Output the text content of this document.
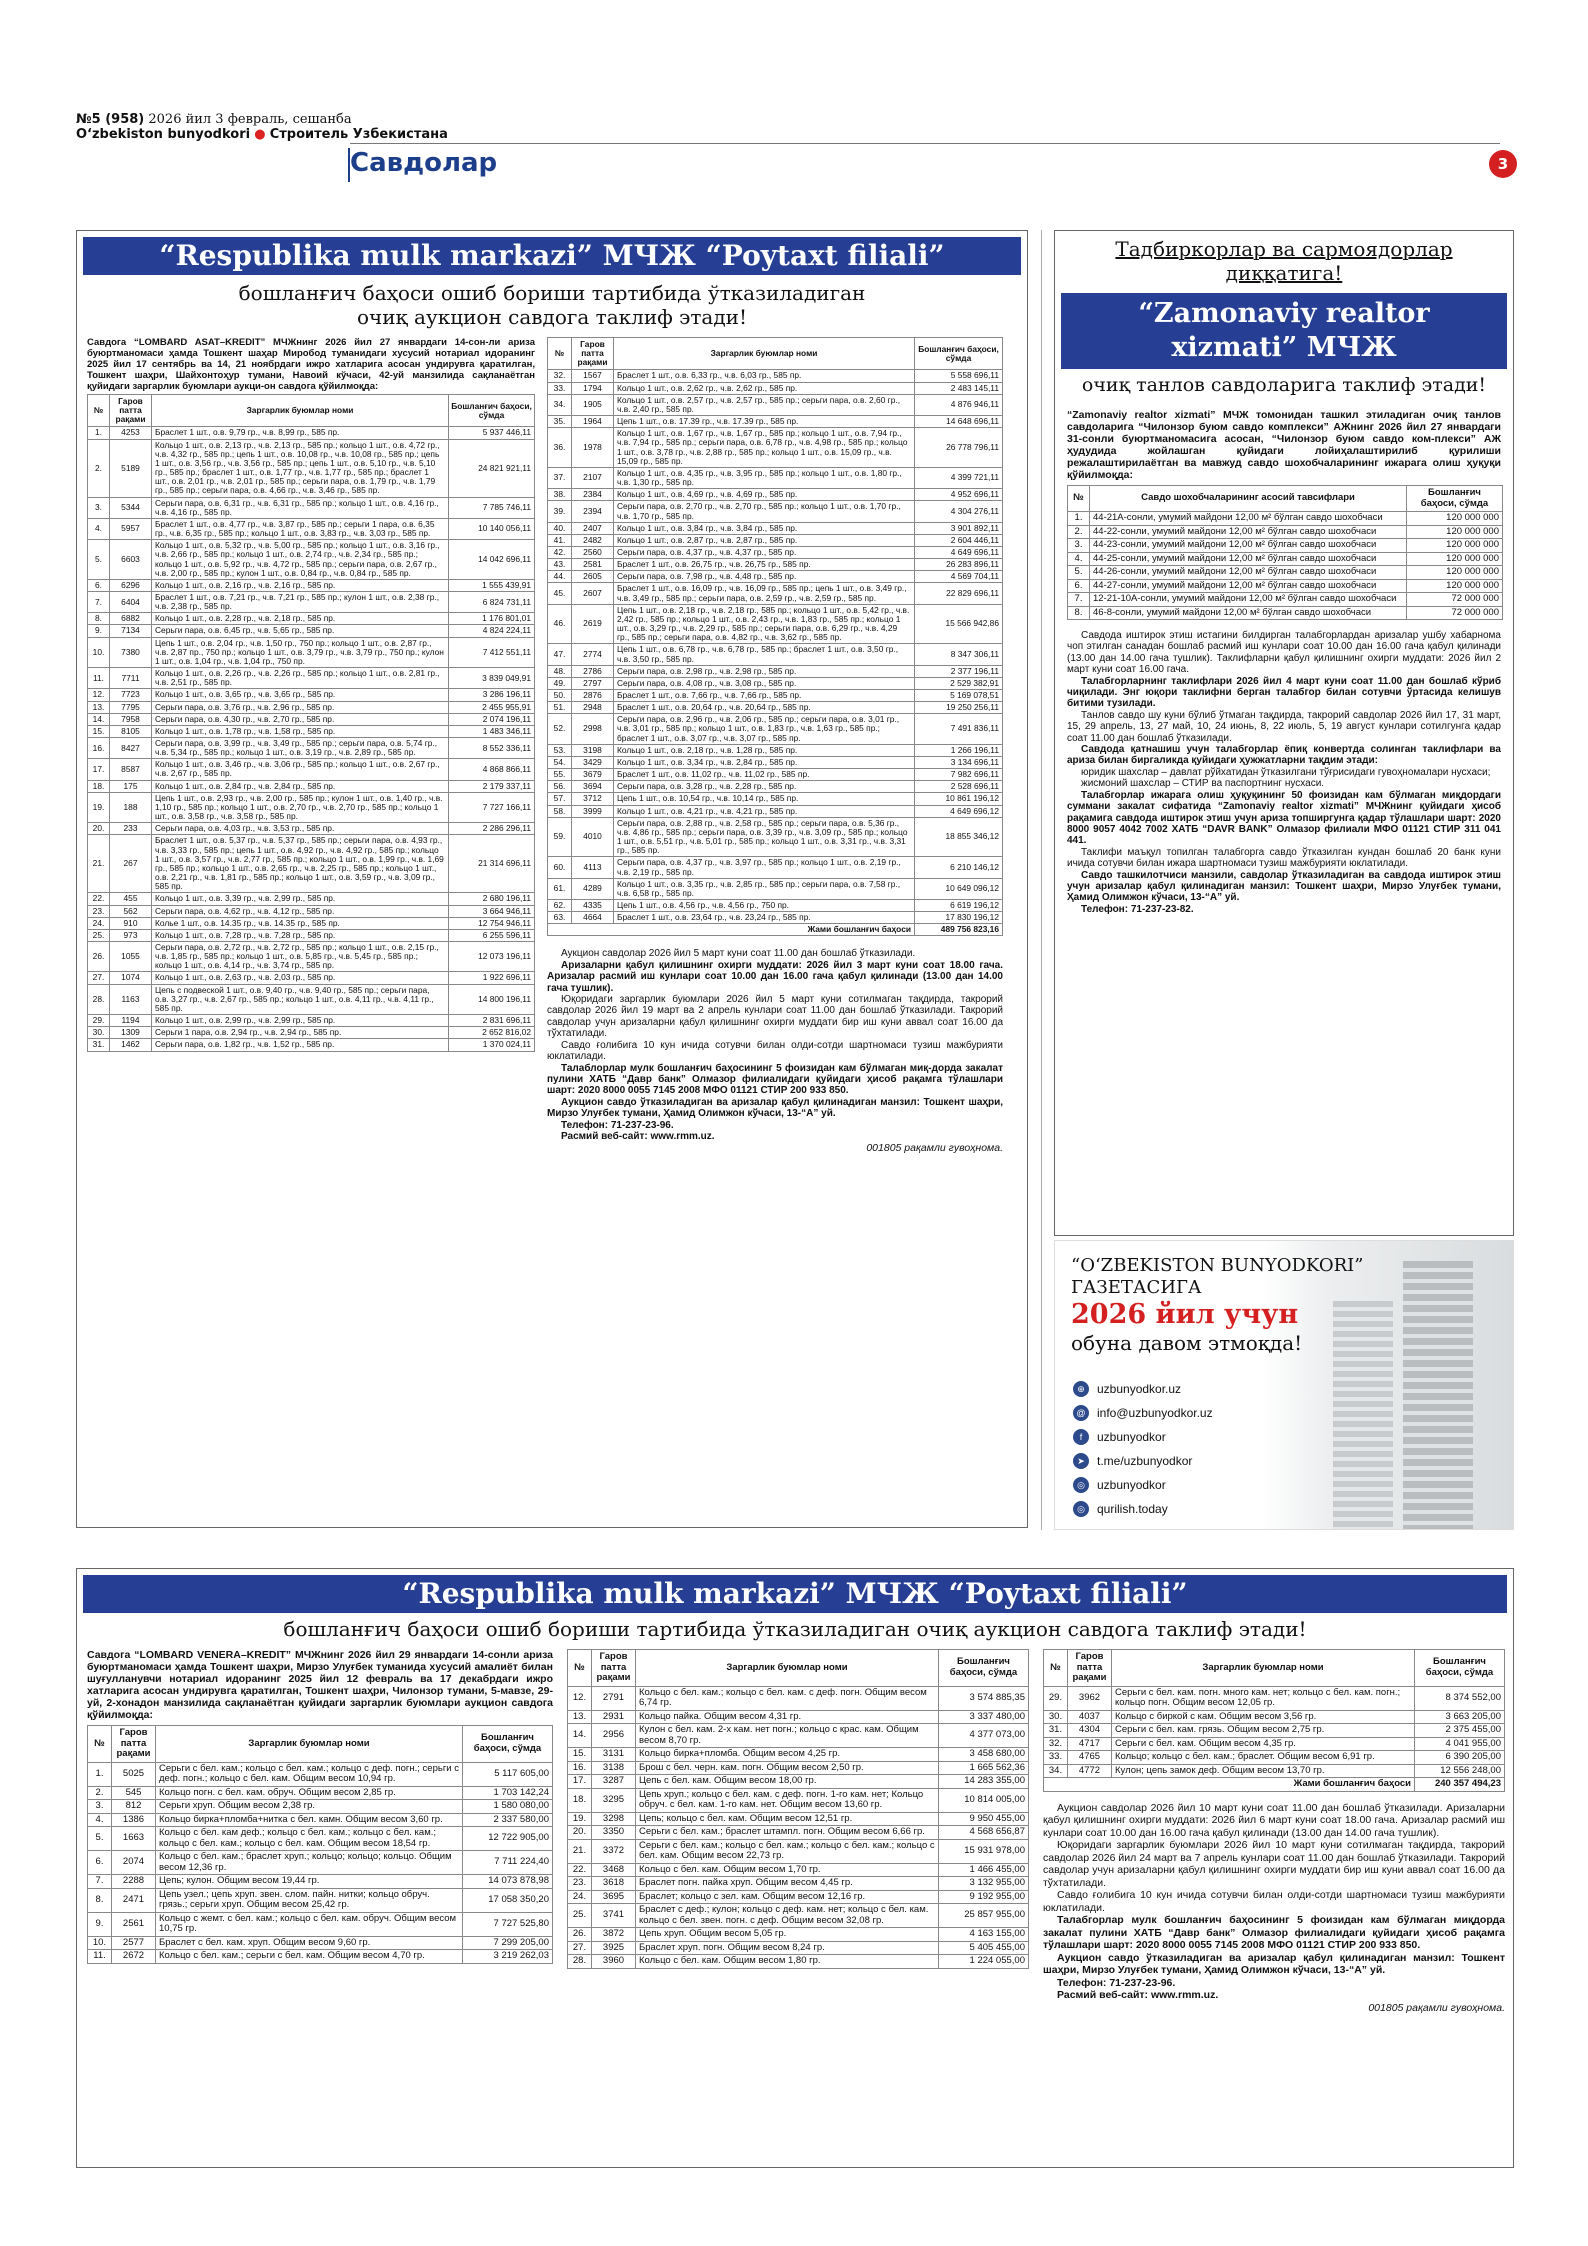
№5 (958) 2026 йил 3 февраль, сешанба
O‘zbekiston bunyodkori ● Строитель Узбекистана
Савдолар	3
“Respublika mulk markazi” МЧЖ “Poytaxt filiali”
бошланғич баҳоси ошиб бориши тартибида ўтказиладиган
очиқ аукцион савдога таклиф этади!
Савдога “LOMBARD ASAT–KREDIT” МЧЖнинг 2026 йил 27 январдаги 14-сон-ли ариза буюртманомаси ҳамда Тошкент шаҳар Миробод туманидаги хусусий нотариал идоранинг 2025 йил 17 сентябрь ва 14, 21 ноябрдаги ижро хатларига асосан ундирувга қаратилган, Тошкент шаҳри, Шайхонтоҳур тумани, Навоий кўчаси, 42-уй манзилида сақланаётган қуйидаги заргарлик буюмлари аукци-он савдога қўйилмоқда:
№	Гаров патта рақами	Заргарлик буюмлар номи	Бошланғич баҳоси, сўмда
1.	4253	Браслет 1 шт., о.в. 9,79 гр., ч.в. 8,99 гр., 585 пр.	5 937 446,11
2.	5189	Кольцо 1 шт., о.в. 2,13 гр., ч.в. 2,13 гр., 585 пр.; кольцо 1 шт., о.в. 4,72 гр., ч.в. 4,32 гр., 585 пр.; цепь 1 шт., о.в. 10,08 гр., ч.в. 10,08 гр., 585 пр.; цепь 1 шт., о.в. 3,56 гр., ч.в. 3,56 гр., 585 пр.; цепь 1 шт., о.в. 5,10 гр., ч.в. 5,10 гр., 585 пр.; браслет 1 шт., о.в. 1,77 гр., ч.в. 1,77 гр., 585 пр.; браслет 1 шт., о.в. 2,01 гр., ч.в. 2,01 гр., 585 пр.; серьги пара, о.в. 1,79 гр., ч.в. 1,79 гр., 585 пр.; серьги пара, о.в. 4,66 гр., ч.в. 3,46 гр., 585 пр.	24 821 921,11
3.	5344	Серьги пара, о.в. 6,31 гр., ч.в. 6,31 гр., 585 пр.; кольцо 1 шт., о.в. 4,16 гр., ч.в. 4,16 гр., 585 пр.	7 785 746,11
4.	5957	Браслет 1 шт., о.в. 4,77 гр., ч.в. 3,87 гр., 585 пр.; серьги 1 пара, о.в. 6,35 гр., ч.в. 6,35 гр., 585 пр.; кольцо 1 шт., о.в. 3,83 гр., ч.в. 3,03 гр., 585 пр.	10 140 056,11
5.	6603	Кольцо 1 шт., о.в. 5,32 гр., ч.в. 5,00 гр., 585 пр.; кольцо 1 шт., о.в. 3,16 гр., ч.в. 2,66 гр., 585 пр.; кольцо 1 шт., о.в. 2,74 гр., ч.в. 2,34 гр., 585 пр.; кольцо 1 шт., о.в. 5,92 гр., ч.в. 4,72 гр., 585 пр.; серьги пара, о.в. 2,67 гр., ч.в. 2,00 гр., 585 пр.; кулон 1 шт., о.в. 0,84 гр., ч.в. 0,84 гр., 585 пр.	14 042 696,11
6.	6296	Кольцо 1 шт., о.в. 2,16 гр., ч.в. 2,16 гр., 585 пр.	1 555 439,91
7.	6404	Браслет 1 шт., о.в. 7,21 гр., ч.в. 7,21 гр., 585 пр.; кулон 1 шт., о.в. 2,38 гр., ч.в. 2,38 гр., 585 пр.	6 824 731,11
8.	6882	Кольцо 1 шт., о.в. 2,28 гр., ч.в. 2,18 гр., 585 пр.	1 176 801,01
9.	7134	Серьги пара, о.в. 6,45 гр., ч.в. 5,65 гр., 585 пр.	4 824 224,11
10.	7380	Цепь 1 шт., о.в. 2,04 гр., ч.в. 1,50 гр., 750 пр.; кольцо 1 шт., о.в. 2,87 гр., ч.в. 2,87 пр., 750 пр.; кольцо 1 шт., о.в. 3,79 гр., ч.в. 3,79 гр., 750 пр.; кулон 1 шт., о.в. 1,04 гр., ч.в. 1,04 гр., 750 пр.	7 412 551,11
11.	7711	Кольцо 1 шт., о.в. 2,26 гр., ч.в. 2,26 гр., 585 пр.; кольцо 1 шт., о.в. 2,81 гр., ч.в. 2,51 гр., 585 пр.	3 839 049,91
12.	7723	Кольцо 1 шт., о.в. 3,65 гр., ч.в. 3,65 гр., 585 пр.	3 286 196,11
13.	7795	Серьги пара, о.в. 3,76 гр., ч.в. 2,96 гр., 585 пр.	2 455 955,91
14.	7958	Серьги пара, о.в. 4,30 гр., ч.в. 2,70 гр., 585 пр.	2 074 196,11
15.	8105	Кольцо 1 шт., о.в. 1,78 гр., ч.в. 1,58 гр., 585 пр.	1 483 346,11
16.	8427	Серьги пара, о.в. 3,99 гр., ч.в. 3,49 гр., 585 пр.; серьги пара, о.в. 5,74 гр., ч.в. 5,34 гр., 585 пр.; кольцо 1 шт., о.в. 3,19 гр., ч.в. 2,89 гр., 585 пр.	8 552 336,11
17.	8587	Кольцо 1 шт., о.в. 3,46 гр., ч.в. 3,06 гр., 585 пр.; кольцо 1 шт., о.в. 2,67 гр., ч.в. 2,67 гр., 585 пр.	4 868 866,11
18.	175	Кольцо 1 шт., о.в. 2,84 гр., ч.в. 2,84 гр., 585 пр.	2 179 337,11
19.	188	Цепь 1 шт., о.в. 2,93 гр., ч.в. 2,00 гр., 585 пр.; кулон 1 шт., о.в. 1,40 гр., ч.в. 1,10 гр., 585 пр.; кольцо 1 шт., о.в. 2,70 гр., ч.в. 2,70 гр., 585 пр.; кольцо 1 шт., о.в. 3,58 гр., ч.в. 3,58 гр., 585 пр.	7 727 166,11
20.	233	Серьги пара, о.в. 4,03 гр., ч.в. 3,53 гр., 585 пр.	2 286 296,11
21.	267	Браслет 1 шт., о.в. 5,37 гр., ч.в. 5,37 гр., 585 пр.; серьги пара, о.в. 4,93 гр., ч.в. 3,33 гр., 585 пр.; цепь 1 шт., о.в. 4,92 гр., ч.в. 4,92 гр., 585 пр.; кольцо 1 шт., о.в. 3,57 гр., ч.в. 2,77 гр., 585 пр.; кольцо 1 шт., о.в. 1,99 гр., ч.в. 1,69 гр., 585 пр.; кольцо 1 шт., о.в. 2,65 гр., ч.в. 2,25 гр., 585 пр.; кольцо 1 шт., о.в. 2,21 гр., ч.в. 1,81 гр., 585 пр.; кольцо 1 шт., о.в. 3,59 гр., ч.в. 3,09 гр., 585 пр.	21 314 696,11
22.	455	Кольцо 1 шт., о.в. 3,39 гр., ч.в. 2,99 гр., 585 пр.	2 680 196,11
23.	562	Серьги пара, о.в. 4,62 гр., ч.в. 4,12 гр., 585 пр.	3 664 946,11
24.	910	Колье 1 шт., о.в. 14.35 гр., ч.в. 14.35 гр., 585 пр.	12 754 946,11
25.	973	Кольцо 1 шт., о.в. 7,28 гр., ч.в. 7,28 гр., 585 пр.	6 255 596,11
26.	1055	Серьги пара, о.в. 2,72 гр., ч.в. 2,72 гр., 585 пр.; кольцо 1 шт., о.в. 2,15 гр., ч.в. 1,85 гр., 585 пр.; кольцо 1 шт., о.в. 5,85 гр., ч.в. 5,45 гр., 585 пр.; кольцо 1 шт., о.в. 4,14 гр., ч.в. 3,74 гр., 585 пр.	12 073 196,11
27.	1074	Кольцо 1 шт., о.в. 2,63 гр., ч.в. 2,03 гр., 585 пр.	1 922 696,11
28.	1163	Цепь с подвеской 1 шт., о.в. 9,40 гр., ч.в. 9,40 гр., 585 пр.; серьги пара, о.в. 3,27 гр., ч.в. 2,67 гр., 585 пр.; кольцо 1 шт., о.в. 4,11 гр., ч.в. 4,11 гр., 585 пр.	14 800 196,11
29.	1194	Кольцо 1 шт., о.в. 2,99 гр., ч.в. 2,99 гр., 585 пр.	2 831 696,11
30.	1309	Серьги 1 пара, о.в. 2,94 гр., ч.в. 2,94 гр., 585 пр.	2 652 816,02
31.	1462	Серьги пара, о.в. 1,82 гр., ч.в. 1,52 гр., 585 пр.	1 370 024,11
№	Гаров патта рақами	Заргарлик буюмлар номи	Бошланғич баҳоси, сўмда
32.	1567	Браслет 1 шт., о.в. 6,33 гр., ч.в. 6,03 гр., 585 пр.	5 558 696,11
33.	1794	Кольцо 1 шт., о.в. 2,62 гр., ч.в. 2,62 гр., 585 пр.	2 483 145,11
34.	1905	Кольцо 1 шт., о.в. 2,57 гр., ч.в. 2,57 гр., 585 пр.; серьги пара, о.в. 2,60 гр., ч.в. 2,40 гр., 585 пр.	4 876 946,11
35.	1964	Цепь 1 шт., о.в. 17.39 гр., ч.в. 17.39 гр., 585 пр.	14 648 696,11
36.	1978	Кольцо 1 шт., о.в. 1,67 гр., ч.в. 1,67 гр., 585 пр.; кольцо 1 шт., о.в. 7,94 гр., ч.в. 7,94 гр., 585 пр.; серьги пара, о.в. 6,78 гр., ч.в. 4,98 гр., 585 пр.; кольцо 1 шт., о.в. 3,78 гр., ч.в. 2,88 гр., 585 пр.; кольцо 1 шт., о.в. 15,09 гр., ч.в. 15,09 гр., 585 пр.	26 778 796,11
37.	2107	Кольцо 1 шт., о.в. 4,35 гр., ч.в. 3,95 гр., 585 пр.; кольцо 1 шт., о.в. 1,80 гр., ч.в. 1,30 гр., 585 пр.	4 399 721,11
38.	2384	Кольцо 1 шт., о.в. 4,69 гр., ч.в. 4,69 гр., 585 пр.	4 952 696,11
39.	2394	Серьги пара, о.в. 2,70 гр., ч.в. 2,70 гр., 585 пр.; кольцо 1 шт., о.в. 1,70 гр., ч.в. 1,70 гр., 585 пр.	4 304 276,11
40.	2407	Кольцо 1 шт., о.в. 3,84 гр., ч.в. 3,84 гр., 585 пр.	3 901 892,11
41.	2482	Кольцо 1 шт., о.в. 2,87 гр., ч.в. 2,87 гр., 585 пр.	2 604 446,11
42.	2560	Серьги пара, о.в. 4,37 гр., ч.в. 4,37 гр., 585 пр.	4 649 696,11
43.	2581	Браслет 1 шт., о.в. 26,75 гр., ч.в. 26,75 гр., 585 пр.	26 283 896,11
44.	2605	Серьги пара, о.в. 7,98 гр., ч.в. 4,48 гр., 585 пр.	4 569 704,11
45.	2607	Браслет 1 шт., о.в. 16,09 гр., ч.в. 16,09 гр., 585 пр.; цепь 1 шт., о.в. 3,49 гр., ч.в. 3,49 гр., 585 пр.; серьги пара, о.в. 2,59 гр., ч.в. 2,59 гр., 585 пр.	22 829 696,11
46.	2619	Цепь 1 шт., о.в. 2,18 гр., ч.в. 2,18 гр., 585 пр.; кольцо 1 шт., о.в. 5,42 гр., ч.в. 2,42 гр., 585 пр.; кольцо 1 шт., о.в. 2,43 гр., ч.в. 1,83 гр., 585 пр.; кольцо 1 шт., о.в. 3,29 гр., ч.в. 2,29 гр., 585 пр.; серьги пара, о.в. 6,29 гр., ч.в. 4,29 гр., 585 пр.; серьги пара, о.в. 4,82 гр., ч.в. 3,62 гр., 585 пр.	15 566 942,86
47.	2774	Цепь 1 шт., о.в. 6,78 гр., ч.в. 6,78 гр., 585 пр.; браслет 1 шт., о.в. 3,50 гр., ч.в. 3,50 гр., 585 пр.	8 347 306,11
48.	2786	Серьги пара, о.в. 2,98 гр., ч.в. 2,98 гр., 585 пр.	2 377 196,11
49.	2797	Серьги пара, о.в. 4,08 гр., ч.в. 3,08 гр., 585 пр.	2 529 382,91
50.	2876	Браслет 1 шт., о.в. 7,66 гр., ч.в. 7,66 гр., 585 пр.	5 169 078,51
51.	2948	Браслет 1 шт., о.в. 20,64 гр., ч.в. 20,64 гр., 585 пр.	19 250 256,11
52.	2998	Серьги пара, о.в. 2,96 гр., ч.в. 2,06 гр., 585 пр.; серьги пара, о.в. 3,01 гр., ч.в. 3,01 гр., 585 пр.; кольцо 1 шт., о.в. 1,83 гр., ч.в. 1,63 гр., 585 пр.; браслет 1 шт., о.в. 3,07 гр., ч.в. 3,07 гр., 585 пр.	7 491 836,11
53.	3198	Кольцо 1 шт., о.в. 2,18 гр., ч.в. 1,28 гр., 585 пр.	1 266 196,11
54.	3429	Кольцо 1 шт., о.в. 3,34 гр., ч.в. 2,84 гр., 585 пр.	3 134 696,11
55.	3679	Браслет 1 шт., о.в. 11,02 гр., ч.в. 11,02 гр., 585 пр.	7 982 696,11
56.	3694	Серьги пара, о.в. 3,28 гр., ч.в. 2,28 гр., 585 пр.	2 528 696,11
57.	3712	Цепь 1 шт., о.в. 10,54 гр., ч.в. 10,14 гр., 585 пр.	10 861 196,12
58.	3999	Кольцо 1 шт., о.в. 4,21 гр., ч.в. 4,21 гр., 585 пр.	4 649 696,12
59.	4010	Серьги пара, о.в. 2,88 гр., ч.в. 2,58 гр., 585 пр.; серьги пара, о.в. 5,36 гр., ч.в. 4,86 гр., 585 пр.; серьги пара, о.в. 3,39 гр., ч.в. 3,09 гр., 585 пр.; кольцо 1 шт., о.в. 5,51 гр., ч.в. 5,01 гр., 585 пр.; кольцо 1 шт., о.в. 3,31 гр., ч.в. 3,31 гр., 585 пр.	18 855 346,12
60.	4113	Серьги пара, о.в. 4,37 гр., ч.в. 3,97 гр., 585 пр.; кольцо 1 шт., о.в. 2,19 гр., ч.в. 2,19 гр., 585 пр.	6 210 146,12
61.	4289	Кольцо 1 шт., о.в. 3,35 гр., ч.в. 2,85 гр., 585 пр.; серьги пара, о.в. 7,58 гр., ч.в. 6,58 гр., 585 пр.	10 649 096,12
62.	4335	Цепь 1 шт., о.в. 4,56 гр., ч.в. 4,56 гр., 750 пр.	6 619 196,12
63.	4664	Браслет 1 шт., о.в. 23,64 гр., ч.в. 23,24 гр., 585 пр.	17 830 196,12
Жами бошланғич баҳоси			489 756 823,16

Аукцион савдолар 2026 йил 5 март куни соат 11.00 дан бошлаб ўтказилади.

Аризаларни қабул қилишнинг охирги муддати: 2026 йил 3 март куни соат 18.00 гача. Аризалар расмий иш кунлари соат 10.00 дан 16.00 гача қабул қилинади (13.00 дан 14.00 гача тушлик).

Юқоридаги заргарлик буюмлари 2026 йил 5 март куни сотилмаган тақдирда, такрорий савдолар 2026 йил 19 март ва 2 апрель кунлари соат 11.00 дан бошлаб ўтказилади. Такрорий савдолар учун аризаларни қабул қилишнинг охирги муддати бир иш куни аввал соат 16.00 да тўхтатилади.

Савдо ғолибига 10 кун ичида сотувчи билан олди-сотди шартномаси тузиш мажбурияти юклатилади.

Талаблорлар мулк бошланғич баҳосининг 5 фоизидан кам бўлмаган миқ-дорда закалат пулини ХАТБ “Давр банк” Олмазор филиалидаги қуйидаги ҳисоб рақамга тўлашлари шарт: 2020 8000 0055 7145 2008 МФО 01121 СТИР 200 933 850.

Аукцион савдо ўтказиладиган ва аризалар қабул қилинадиган манзил: Тошкент шаҳри, Мирзо Улуғбек тумани, Ҳамид Олимжон кўчаси, 13-“А” уй.

Телефон: 71-237-23-96.

Расмий веб-сайт: www.rmm.uz.

001805 рақамли гувоҳнома.
Тадбиркорлар ва сармоядорлар диққатига!
“Zamonaviy realtor
xizmati” МЧЖ
очиқ танлов савдоларига таклиф этади!
“Zamonaviy realtor xizmati” МЧЖ томонидан ташкил этиладиган очиқ танлов савдоларига “Чилонзор буюм савдо комплекси” АЖнинг 2026 йил 27 январдаги 31-сонли буюртманомасига асосан, “Чилонзор буюм савдо ком-плекси” АЖ ҳудудида жойлашган қуйидаги лойиҳалаштирилиб қурилиши режалаштирилаётган ва мавжуд савдо шохобчаларининг ижарага олиш ҳуқуқи қўйилмоқда:
№	Савдо шохобчаларининг асосий тавсифлари	Бошланғич баҳоси, сўмда
1.	44-21А-сонли, умумий майдони 12,00 м² бўлган савдо шохобчаси	120 000 000
2.	44-22-сонли, умумий майдони 12,00 м² бўлган савдо шохобчаси	120 000 000
3.	44-23-сонли, умумий майдони 12,00 м² бўлган савдо шохобчаси	120 000 000
4.	44-25-сонли, умумий майдони 12,00 м² бўлган савдо шохобчаси	120 000 000
5.	44-26-сонли, умумий майдони 12,00 м² бўлган савдо шохобчаси	120 000 000
6.	44-27-сонли, умумий майдони 12,00 м² бўлган савдо шохобчаси	120 000 000
7.	12-21-10А-сонли, умумий майдони 12,00 м² бўлган савдо шохобчаси	72 000 000
8.	46-8-сонли, умумий майдони 12,00 м² бўлган савдо шохобчаси	72 000 000

Савдода иштирок этиш истагини билдирган талабгорлардан аризалар ушбу хабарнома чоп этилган санадан бошлаб расмий иш кунлари соат 10.00 дан 16.00 гача қабул қилинади (13.00 дан 14.00 гача тушлик). Таклифларни қабул қилишнинг охирги муддати: 2026 йил 2 март куни соат 16.00 гача.

Талабгорларнинг таклифлари 2026 йил 4 март куни соат 11.00 дан бошлаб кўриб чиқилади. Энг юқори таклифни берган талабгор билан сотувчи ўртасида келишув битими тузилади.

Танлов савдо шу куни бўлиб ўтмаган тақдирда, такрорий савдолар 2026 йил 17, 31 март, 15, 29 апрель, 13, 27 май, 10, 24 июнь, 8, 22 июль, 5, 19 август кунлари сотилгунга қадар соат 11.00 дан бошлаб ўтказилади.

Савдода қатнашиш учун талабгорлар ёпиқ конвертда солинган таклифлари ва ариза билан биргаликда қуйидаги ҳужжатларни тақдим этади:

юридик шахслар – давлат рўйхатидан ўтказилгани тўғрисидаги гувоҳномалари нусхаси;

жисмоний шахслар – СТИР ва паспортнинг нусхаси.

Талабгорлар ижарага олиш ҳуқуқининг 50 фоизидан кам бўлмаган миқдордаги суммани закалат сифатида “Zamonaviy realtor xizmati” МЧЖнинг қуйидаги ҳисоб рақамига савдода иштирок этиш учун ариза топширгунга қадар тўлашлари шарт: 2020 8000 9057 4042 7002 ХАТБ “DAVR BANK” Олмазор филиали МФО 01121 СТИР 311 041 441.

Таклифи маъқул топилган талабгорга савдо ўтказилган кундан бошлаб 20 банк куни ичида сотувчи билан ижара шартномаси тузиш мажбурияти юклатилади.

Савдо ташкилотчиси манзили, савдолар ўтказиладиган ва савдода иштирок этиш учун аризалар қабул қилинадиган манзил: Тошкент шаҳри, Мирзо Улуғбек тумани, Ҳамид Олимжон кўчаси, 13-“А” уй.

Телефон: 71-237-23-82.

“O‘ZBEKISTON BUNYODKORI”
ГАЗЕТАСИГА
2026 йил учун
обуна давом этмоқда!
⊕	uzbunyodkor.uz
@ info@uzbunyodkor.uz
f	uzbunyodkor
➤	t.me/uzbunyodkor
◎	uzbunyodkor
◎	qurilish.today
“Respublika mulk markazi” МЧЖ “Poytaxt filiali”
бошланғич баҳоси ошиб бориши тартибида ўтказиладиган очиқ аукцион савдога таклиф этади!
Савдога “LOMBARD VENERA–KREDIT” МЧЖнинг 2026 йил 29 январдаги 14-сонли ариза буюртманомаси ҳамда Тошкент шаҳри, Мирзо Улуғбек туманида хусусий амалиёт билан шуғулланувчи нотариал идоранинг 2025 йил 12 февраль ва 17 декабрдаги ижро хатларига асосан ундирувга қаратилган, Тошкент шаҳри, Чилонзор тумани, 5-мавзе, 29-уй, 2-хонадон манзилида сақланаётган қуйидаги заргарлик буюмлари аукцион савдога қўйилмоқда:
№	Гаров патта рақами	Заргарлик буюмлар номи	Бошланғич баҳоси, сўмда
1.	5025	Серьги с бел. кам.; кольцо с бел. кам.; кольцо с деф. погн.; серьги с деф. погн.; кольцо с бел. кам. Общим весом 10,94 гр.	5 117 605,00
2.	545	Кольцо погн. с бел. кам. обруч. Общим весом 2,85 гр.	1 703 142,24
3.	812	Серьги хруп. Общим весом 2,38 гр.	1 580 080,00
4.	1386	Кольцо бирка+пломба+нитка с бел. камн. Общим весом 3,60 гр.	2 337 580,00
5.	1663	Кольцо с бел. кам деф.; кольцо с бел. кам.; кольцо с бел. кам.; кольцо с бел. кам.; кольцо с бел. кам. Общим весом 18,54 гр.	12 722 905,00
6.	2074	Кольцо с бел. кам.; браслет хруп.; кольцо; кольцо; кольцо. Общим весом 12,36 гр.	7 711 224,40
7.	2288	Цепь; кулон. Общим весом 19,44 гр.	14 073 878,98
8.	2471	Цепь узел.; цепь хруп. звен. слом. пайн. нитки; кольцо обруч. грязь.; серьги хруп. Общим весом 25,42 гр.	17 058 350,20
9.	2561	Кольцо с жемт. с бел. кам.; кольцо с бел. кам. обруч. Общим весом 10,75 гр.	7 727 525,80
10.	2577	Браслет с бел. кам. хруп. Общим весом 9,60 гр.	7 299 205,00
11.	2672	Кольцо с бел. кам.; серьги с бел. кам. Общим весом 4,70 гр.	3 219 262,03
№	Гаров патта рақами	Заргарлик буюмлар номи	Бошланғич баҳоси, сўмда
12.	2791	Кольцо с бел. кам.; кольцо с бел. кам. с деф. погн. Общим весом 6,74 гр.	3 574 885,35
13.	2931	Кольцо пайка. Общим весом 4,31 гр.	3 337 480,00
14.	2956	Кулон с бел. кам. 2-х кам. нет погн.; кольцо с крас. кам. Общим весом 8,70 гр.	4 377 073,00
15.	3131	Кольцо бирка+пломба. Общим весом 4,25 гр.	3 458 680,00
16.	3138	Брош с бел. черн. кам. погн. Общим весом 2,50 гр.	1 665 562,36
17.	3287	Цепь с бел. кам. Общим весом 18,00 гр.	14 283 355,00
18.	3295	Цепь хруп.; кольцо с бел. кам. с деф. погн. 1-го кам. нет; Кольцо обруч. с бел. кам. 1-го кам. нет. Общим весом 13,60 гр.	10 814 005,00
19.	3298	Цепь; кольцо с бел. кам. Общим весом 12,51 гр.	9 950 455,00
20.	3350	Серьги с бел. кам.; браслет штампл. погн. Общим весом 6,66 гр.	4 568 656,87
21.	3372	Серьги с бел. кам.; кольцо с бел. кам.; кольцо с бел. кам.; кольцо с бел. кам. Общим весом 22,73 гр.	15 931 978,00
22.	3468	Кольцо с бел. кам. Общим весом 1,70 гр.	1 466 455,00
23.	3618	Браслет погн. пайка хруп. Общим весом 4,45 гр.	3 132 955,00
24.	3695	Браслет; кольцо с зел. кам. Общим весом 12,16 гр.	9 192 955,00
25.	3741	Браслет с деф.; кулон; кольцо с деф. кам. нет; кольцо с бел. кам. кольцо с бел. звен. погн. с деф. Общим весом 32,08 гр.	25 857 955,00
26.	3872	Цепь хруп. Общим весом 5,05 гр.	4 163 155,00
27.	3925	Браслет хруп. погн. Общим весом 8,24 гр.	5 405 455,00
28.	3960	Кольцо с бел. кам. Общим весом 1,80 гр.	1 224 055,00
№	Гаров патта рақами	Заргарлик буюмлар номи	Бошланғич баҳоси, сўмда
29.	3962	Серьги с бел. кам. погн. много кам. нет; кольцо с бел. кам. погн.; кольцо погн. Общим весом 12,05 гр.	8 374 552,00
30.	4037	Кольцо с биркой с кам. Общим весом 3,56 гр.	3 663 205,00
31.	4304	Серьги с бел. кам. грязь. Общим весом 2,75 гр.	2 375 455,00
32.	4717	Серьги с бел. кам. Общим весом 4,35 гр.	4 041 955,00
33.	4765	Кольцо; кольцо с бел. кам.; браслет. Общим весом 6,91 гр.	6 390 205,00
34.	4772	Кулон; цепь замок деф. Общим весом 13,70 гр.	12 556 248,00
Жами бошланғич баҳоси			240 357 494,23

Аукцион савдолар 2026 йил 10 март куни соат 11.00 дан бошлаб ўтказилади. Аризаларни қабул қилишнинг охирги муддати: 2026 йил 6 март куни соат 18.00 гача. Аризалар расмий иш кунлари соат 10.00 дан 16.00 гача қабул қилинади (13.00 дан 14.00 гача тушлик).

Юқоридаги заргарлик буюмлари 2026 йил 10 март куни сотилмаган тақдирда, такрорий савдолар 2026 йил 24 март ва 7 апрель кунлари соат 11.00 дан бошлаб ўтказилади. Такрорий савдолар учун аризаларни қабул қилишнинг охирги муддати бир иш куни аввал соат 16.00 да тўхтатилади.

Савдо ғолибига 10 кун ичида сотувчи билан олди-сотди шартномаси тузиш мажбурияти юклатилади.

Талабгорлар мулк бошланғич баҳосининг 5 фоизидан кам бўлмаган миқдорда закалат пулини ХАТБ “Давр банк” Олмазор филиалидаги қуйидаги ҳисоб рақамга тўлашлари шарт: 2020 8000 0055 7145 2008 МФО 01121 СТИР 200 933 850.

Аукцион савдо ўтказиладиган ва аризалар қабул қилинадиган манзил: Тошкент шаҳри, Мирзо Улуғбек тумани, Ҳамид Олимжон кўчаси, 13-“А” уй.

Телефон: 71-237-23-96.

Расмий веб-сайт: www.rmm.uz.

001805 рақамли гувоҳнома.
